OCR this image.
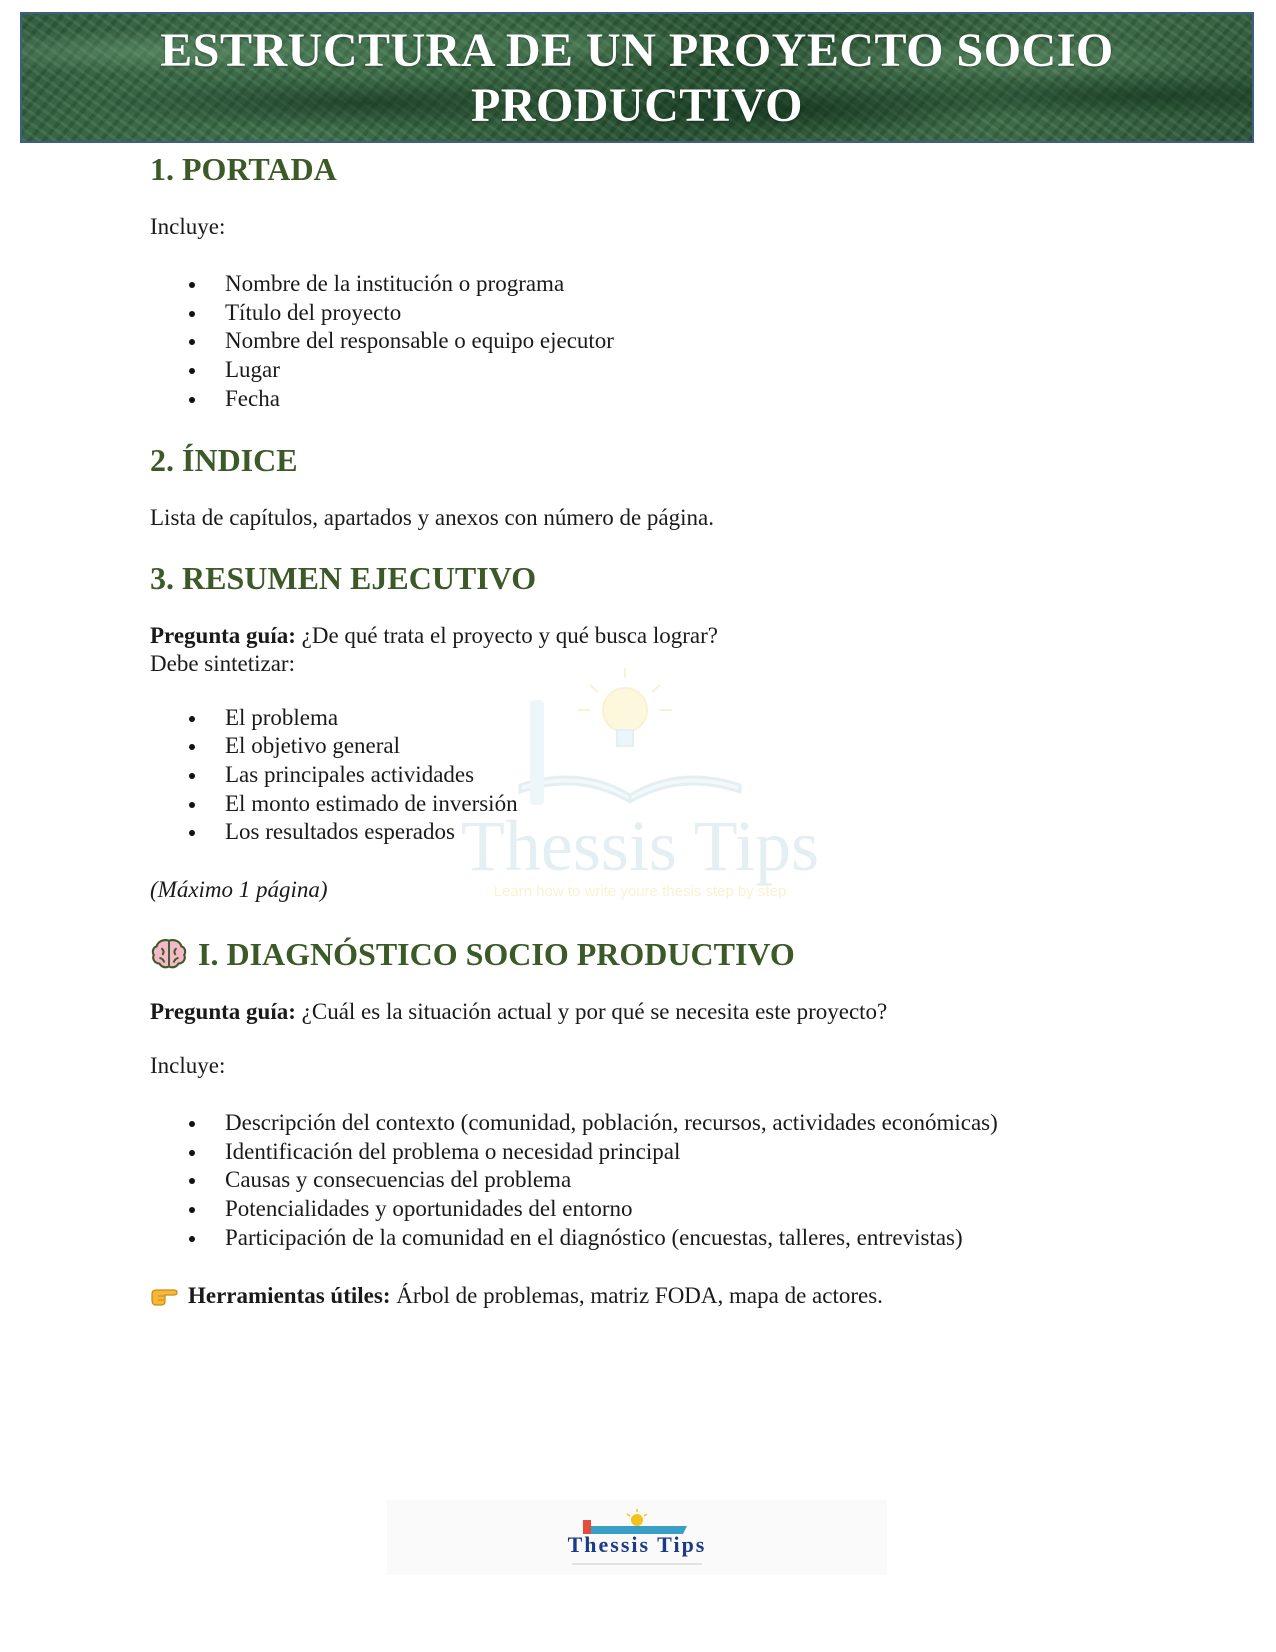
ESTRUCTURA DE UN PROYECTO SOCIO
PRODUCTIVO
Thessis Tips
Learn how to write youre thesis step by step
1. PORTADA

Incluye:

Nombre de la institución o programa
Título del proyecto
Nombre del responsable o equipo ejecutor
Lugar
Fecha
2. ÍNDICE

Lista de capítulos, apartados y anexos con número de página.

3. RESUMEN EJECUTIVO

Pregunta guía: ¿De qué trata el proyecto y qué busca lograr?

Debe sintetizar:

El problema
El objetivo general
Las principales actividades
El monto estimado de inversión
Los resultados esperados

(Máximo 1 página)

I. DIAGNÓSTICO SOCIO PRODUCTIVO

Pregunta guía: ¿Cuál es la situación actual y por qué se necesita este proyecto?

Incluye:

Descripción del contexto (comunidad, población, recursos, actividades económicas)
Identificación del problema o necesidad principal
Causas y consecuencias del problema
Potencialidades y oportunidades del entorno
Participación de la comunidad en el diagnóstico (encuestas, talleres, entrevistas)

Herramientas útiles: Árbol de problemas, matriz FODA, mapa de actores.

Thessis Tips
